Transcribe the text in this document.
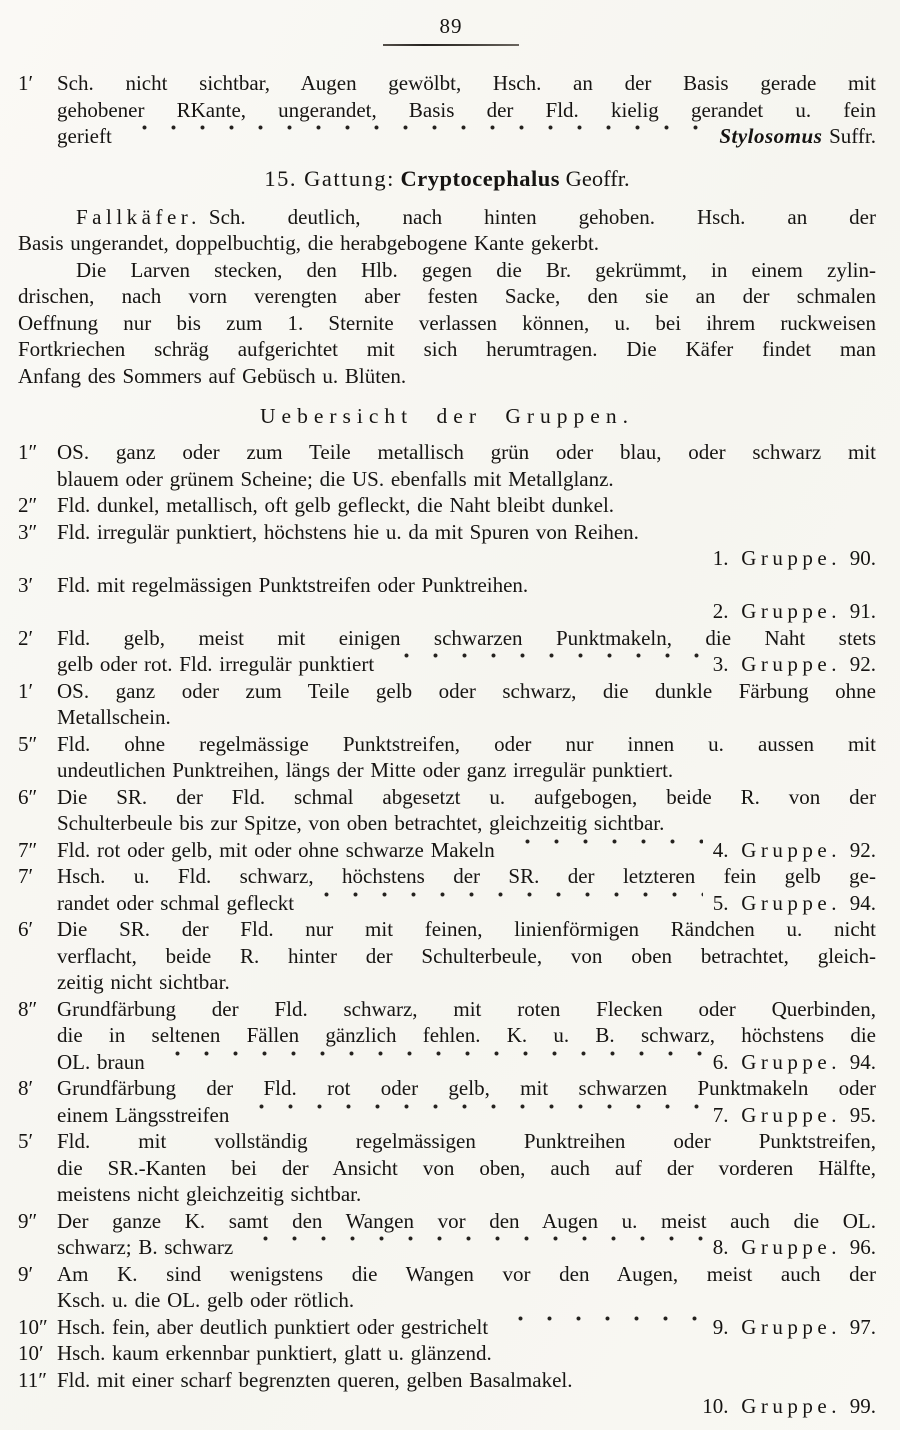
89
1′ Sch. nicht sichtbar, Augen gewölbt, Hsch. an der Basis gerade mit
gehobener RKante, ungerandet, Basis der Fld. kielig gerandet u. fein
gerieft	Stylosomus Suffr.
15. Gattung: Cryptocephalus Geoffr.
Fallkäfer. Sch. deutlich, nach hinten gehoben. Hsch. an der
Basis ungerandet, doppelbuchtig, die herabgebogene Kante gekerbt.
Die Larven stecken, den Hlb. gegen die Br. gekrümmt, in einem zylin-
drischen, nach vorn verengten aber festen Sacke, den sie an der schmalen
Oeffnung nur bis zum 1. Sternite verlassen können, u. bei ihrem ruckweisen
Fortkriechen schräg aufgerichtet mit sich herumtragen. Die Käfer findet man
Anfang des Sommers auf Gebüsch u. Blüten.
Uebersicht der Gruppen.
1″ OS. ganz oder zum Teile metallisch grün oder blau, oder schwarz mit
blauem oder grünem Scheine; die US. ebenfalls mit Metallglanz.
2″ Fld. dunkel, metallisch, oft gelb gefleckt, die Naht bleibt dunkel.
3″ Fld. irregulär punktiert, höchstens hie u. da mit Spuren von Reihen.
1. Gruppe. 90.
3′ Fld. mit regelmässigen Punktstreifen oder Punktreihen.
2. Gruppe. 91.
2′ Fld. gelb, meist mit einigen schwarzen Punktmakeln, die Naht stets
gelb oder rot. Fld. irregulär punktiert	3. Gruppe. 92.
1′ OS. ganz oder zum Teile gelb oder schwarz, die dunkle Färbung ohne
Metallschein.
5″ Fld. ohne regelmässige Punktstreifen, oder nur innen u. aussen mit
undeutlichen Punktreihen, längs der Mitte oder ganz irregulär punktiert.
6″ Die SR. der Fld. schmal abgesetzt u. aufgebogen, beide R. von der
Schulterbeule bis zur Spitze, von oben betrachtet, gleichzeitig sichtbar.
7″ Fld. rot oder gelb, mit oder ohne schwarze Makeln	4. Gruppe. 92.
7′ Hsch. u. Fld. schwarz, höchstens der SR. der letzteren fein gelb ge-
randet oder schmal gefleckt	5. Gruppe. 94.
6′ Die SR. der Fld. nur mit feinen, linienförmigen Rändchen u. nicht
verflacht, beide R. hinter der Schulterbeule, von oben betrachtet, gleich-
zeitig nicht sichtbar.
8″ Grundfärbung der Fld. schwarz, mit roten Flecken oder Querbinden,
die in seltenen Fällen gänzlich fehlen. K. u. B. schwarz, höchstens die
OL. braun	6. Gruppe. 94.
8′ Grundfärbung der Fld. rot oder gelb, mit schwarzen Punktmakeln oder
einem Längsstreifen	7. Gruppe. 95.
5′ Fld. mit vollständig regelmässigen Punktreihen oder Punktstreifen,
die SR.-Kanten bei der Ansicht von oben, auch auf der vorderen Hälfte,
meistens nicht gleichzeitig sichtbar.
9″ Der ganze K. samt den Wangen vor den Augen u. meist auch die OL.
schwarz; B. schwarz	8. Gruppe. 96.
9′ Am K. sind wenigstens die Wangen vor den Augen, meist auch der
Ksch. u. die OL. gelb oder rötlich.
10″ Hsch. fein, aber deutlich punktiert oder gestrichelt	9. Gruppe. 97.
10′ Hsch. kaum erkennbar punktiert, glatt u. glänzend.
11″ Fld. mit einer scharf begrenzten queren, gelben Basalmakel.
10. Gruppe. 99.
